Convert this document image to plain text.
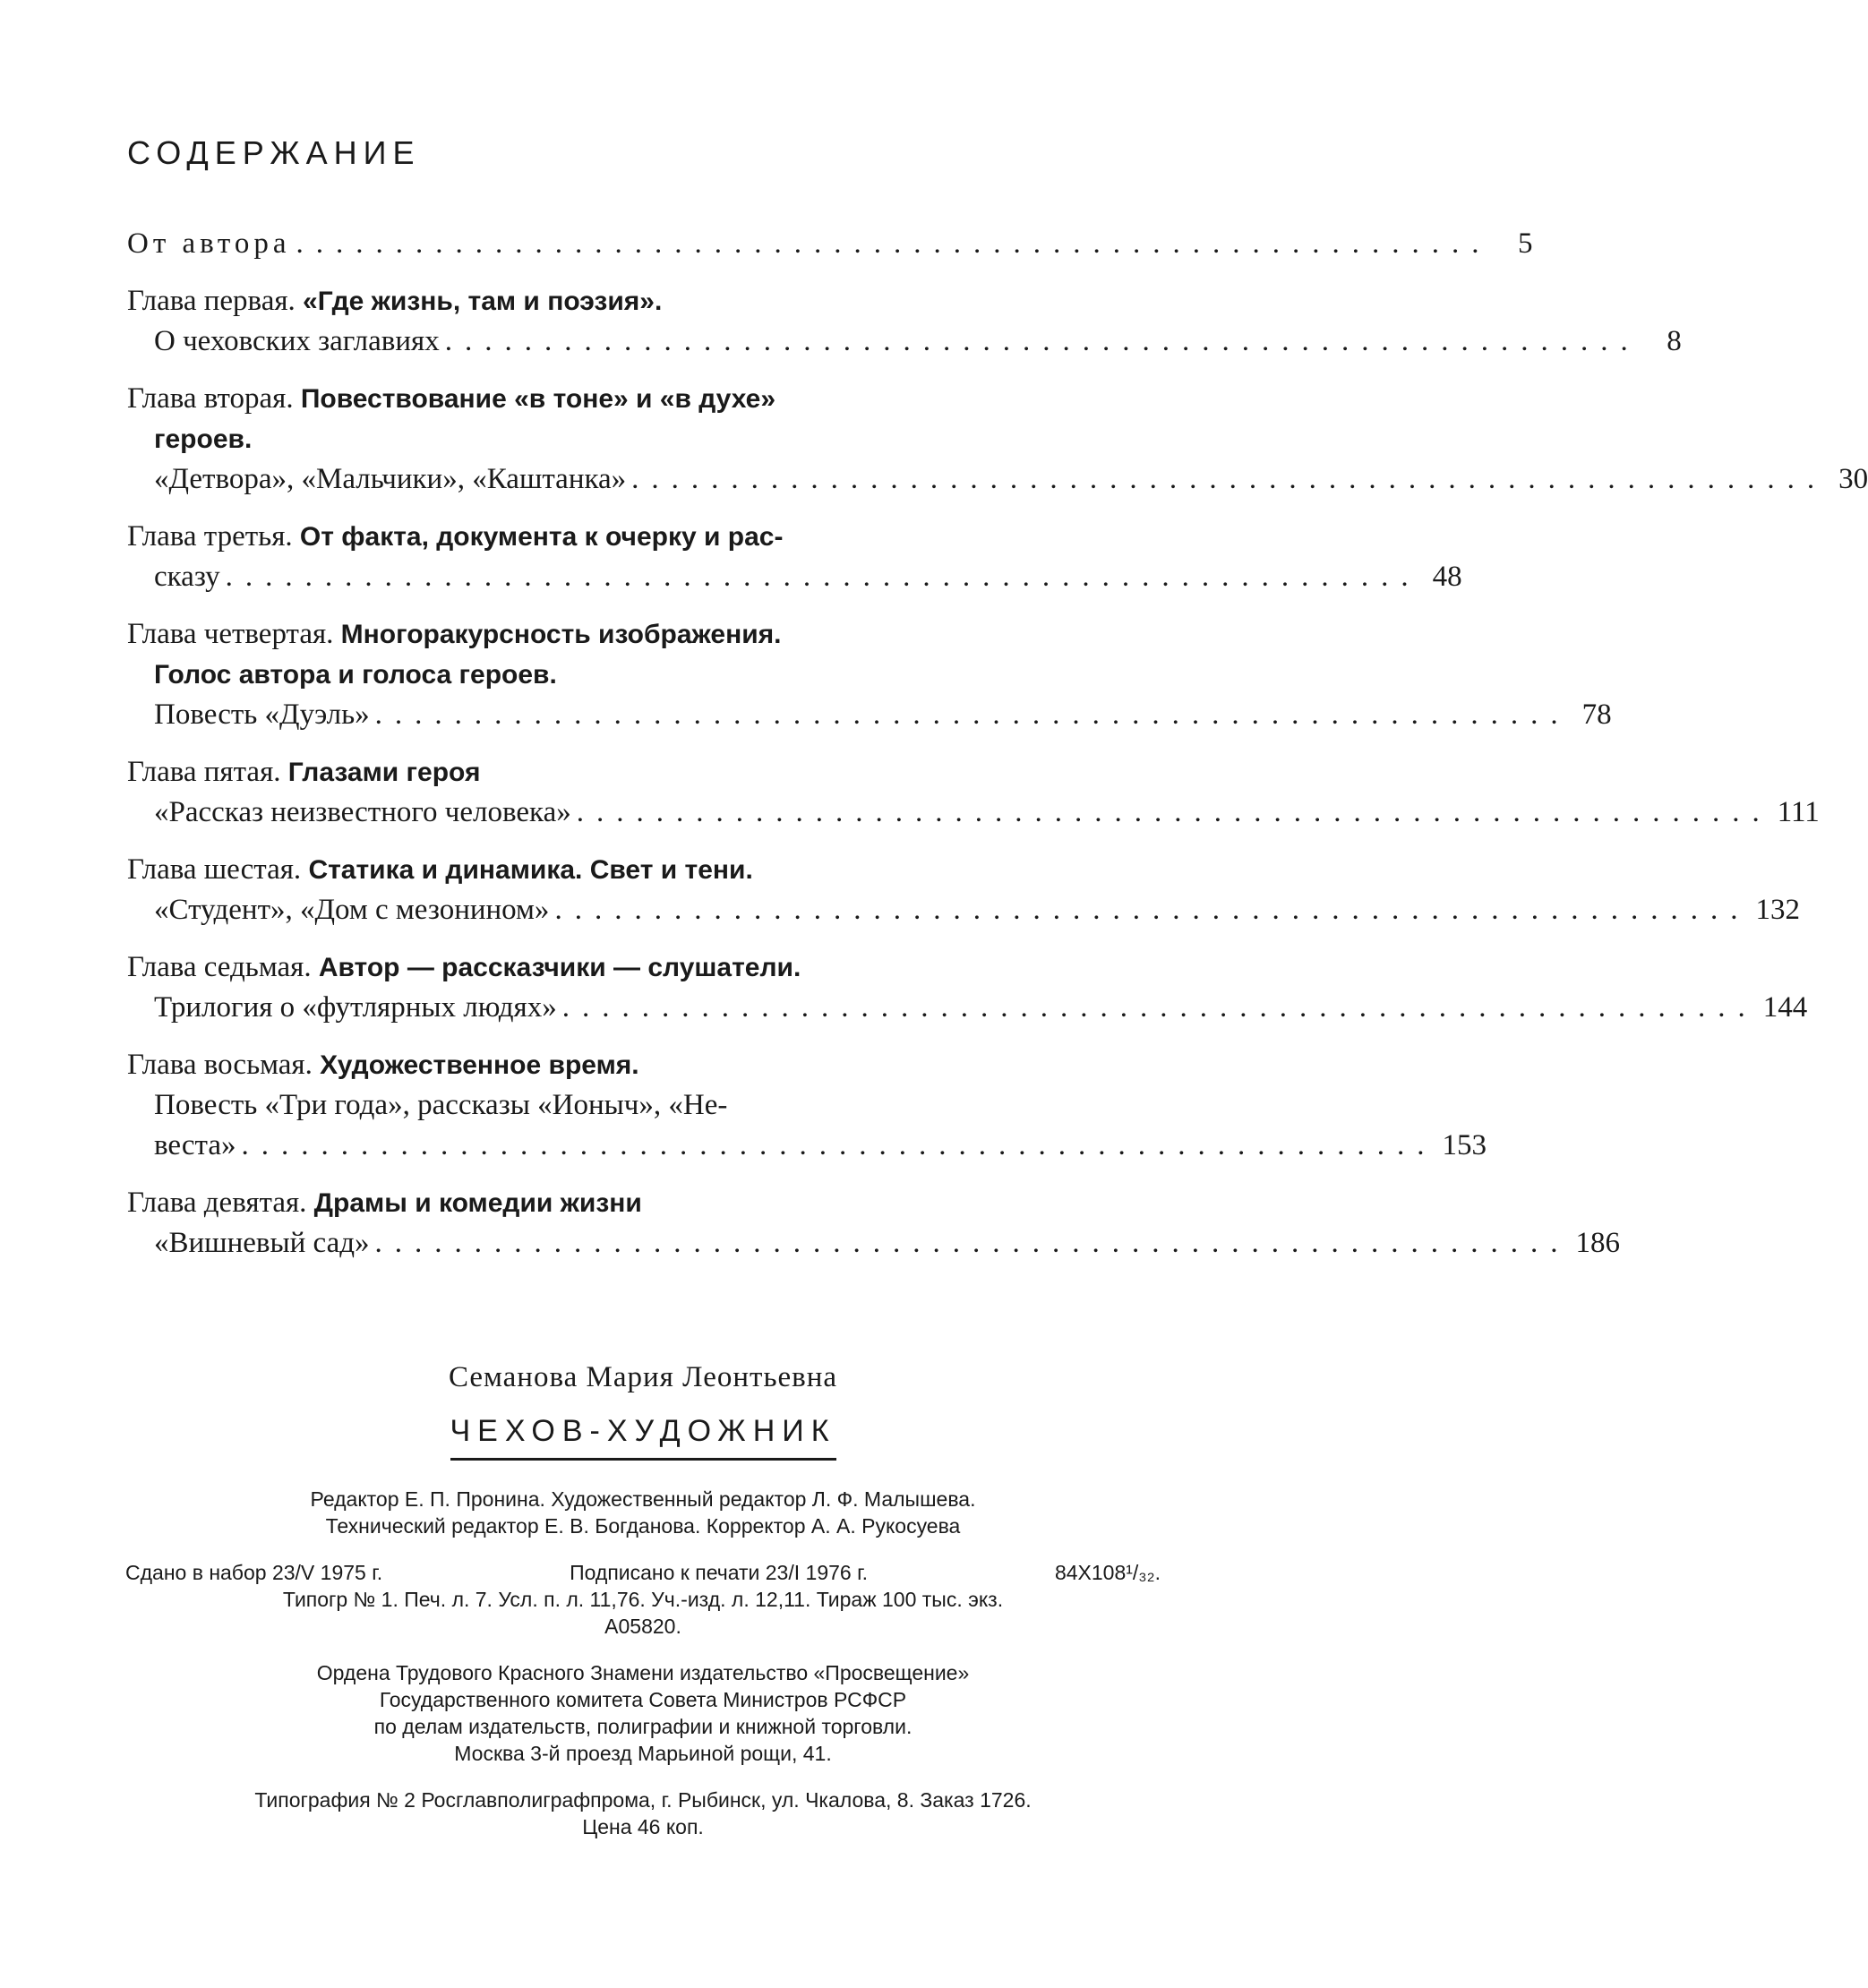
СОДЕРЖАНИЕ
От автора ............................................................ 5
Глава первая. «Где жизнь, там и поэзия».
О чеховских заглавиях ............................................................ 8
Глава вторая. Повествование «в тоне» и «в духе»
героев.
«Детвора», «Мальчики», «Каштанка» ............................................................ 30
Глава третья. От факта, документа к очерку и рас-
сказу ............................................................ 48
Глава четвертая. Многоракурсность изображения.
Голос автора и голоса героев.
Повесть «Дуэль» ............................................................ 78
Глава пятая. Глазами героя
«Рассказ неизвестного человека» ............................................................ 111
Глава шестая. Статика и динамика. Свет и тени.
«Студент», «Дом с мезонином» ............................................................ 132
Глава седьмая. Автор — рассказчики — слушатели.
Трилогия о «футлярных людях» ............................................................ 144
Глава восьмая. Художественное время.
Повесть «Три года», рассказы «Ионыч», «Не-
веста» ............................................................ 153
Глава девятая. Драмы и комедии жизни
«Вишневый сад» ............................................................ 186
Семанова Мария Леонтьевна
ЧЕХОВ-ХУДОЖНИК
Редактор Е. П. Пронина. Художественный редактор Л. Ф. Малышева.
Технический редактор Е. В. Богданова. Корректор А. А. Рукосуева
Сдано в набор 23/V 1975 г.	Подписано к печати 23/I 1976 г.	84Х108¹/₃₂.
Типогр № 1. Печ. л. 7. Усл. п. л. 11,76. Уч.-изд. л. 12,11. Тираж 100 тыс. экз.
А05820.
Ордена Трудового Красного Знамени издательство «Просвещение»
Государственного комитета Совета Министров РСФСР
по делам издательств, полиграфии и книжной торговли.
Москва 3-й проезд Марьиной рощи, 41.
Типография № 2 Росглавполиграфпрома, г. Рыбинск, ул. Чкалова, 8. Заказ 1726.
Цена 46 коп.
